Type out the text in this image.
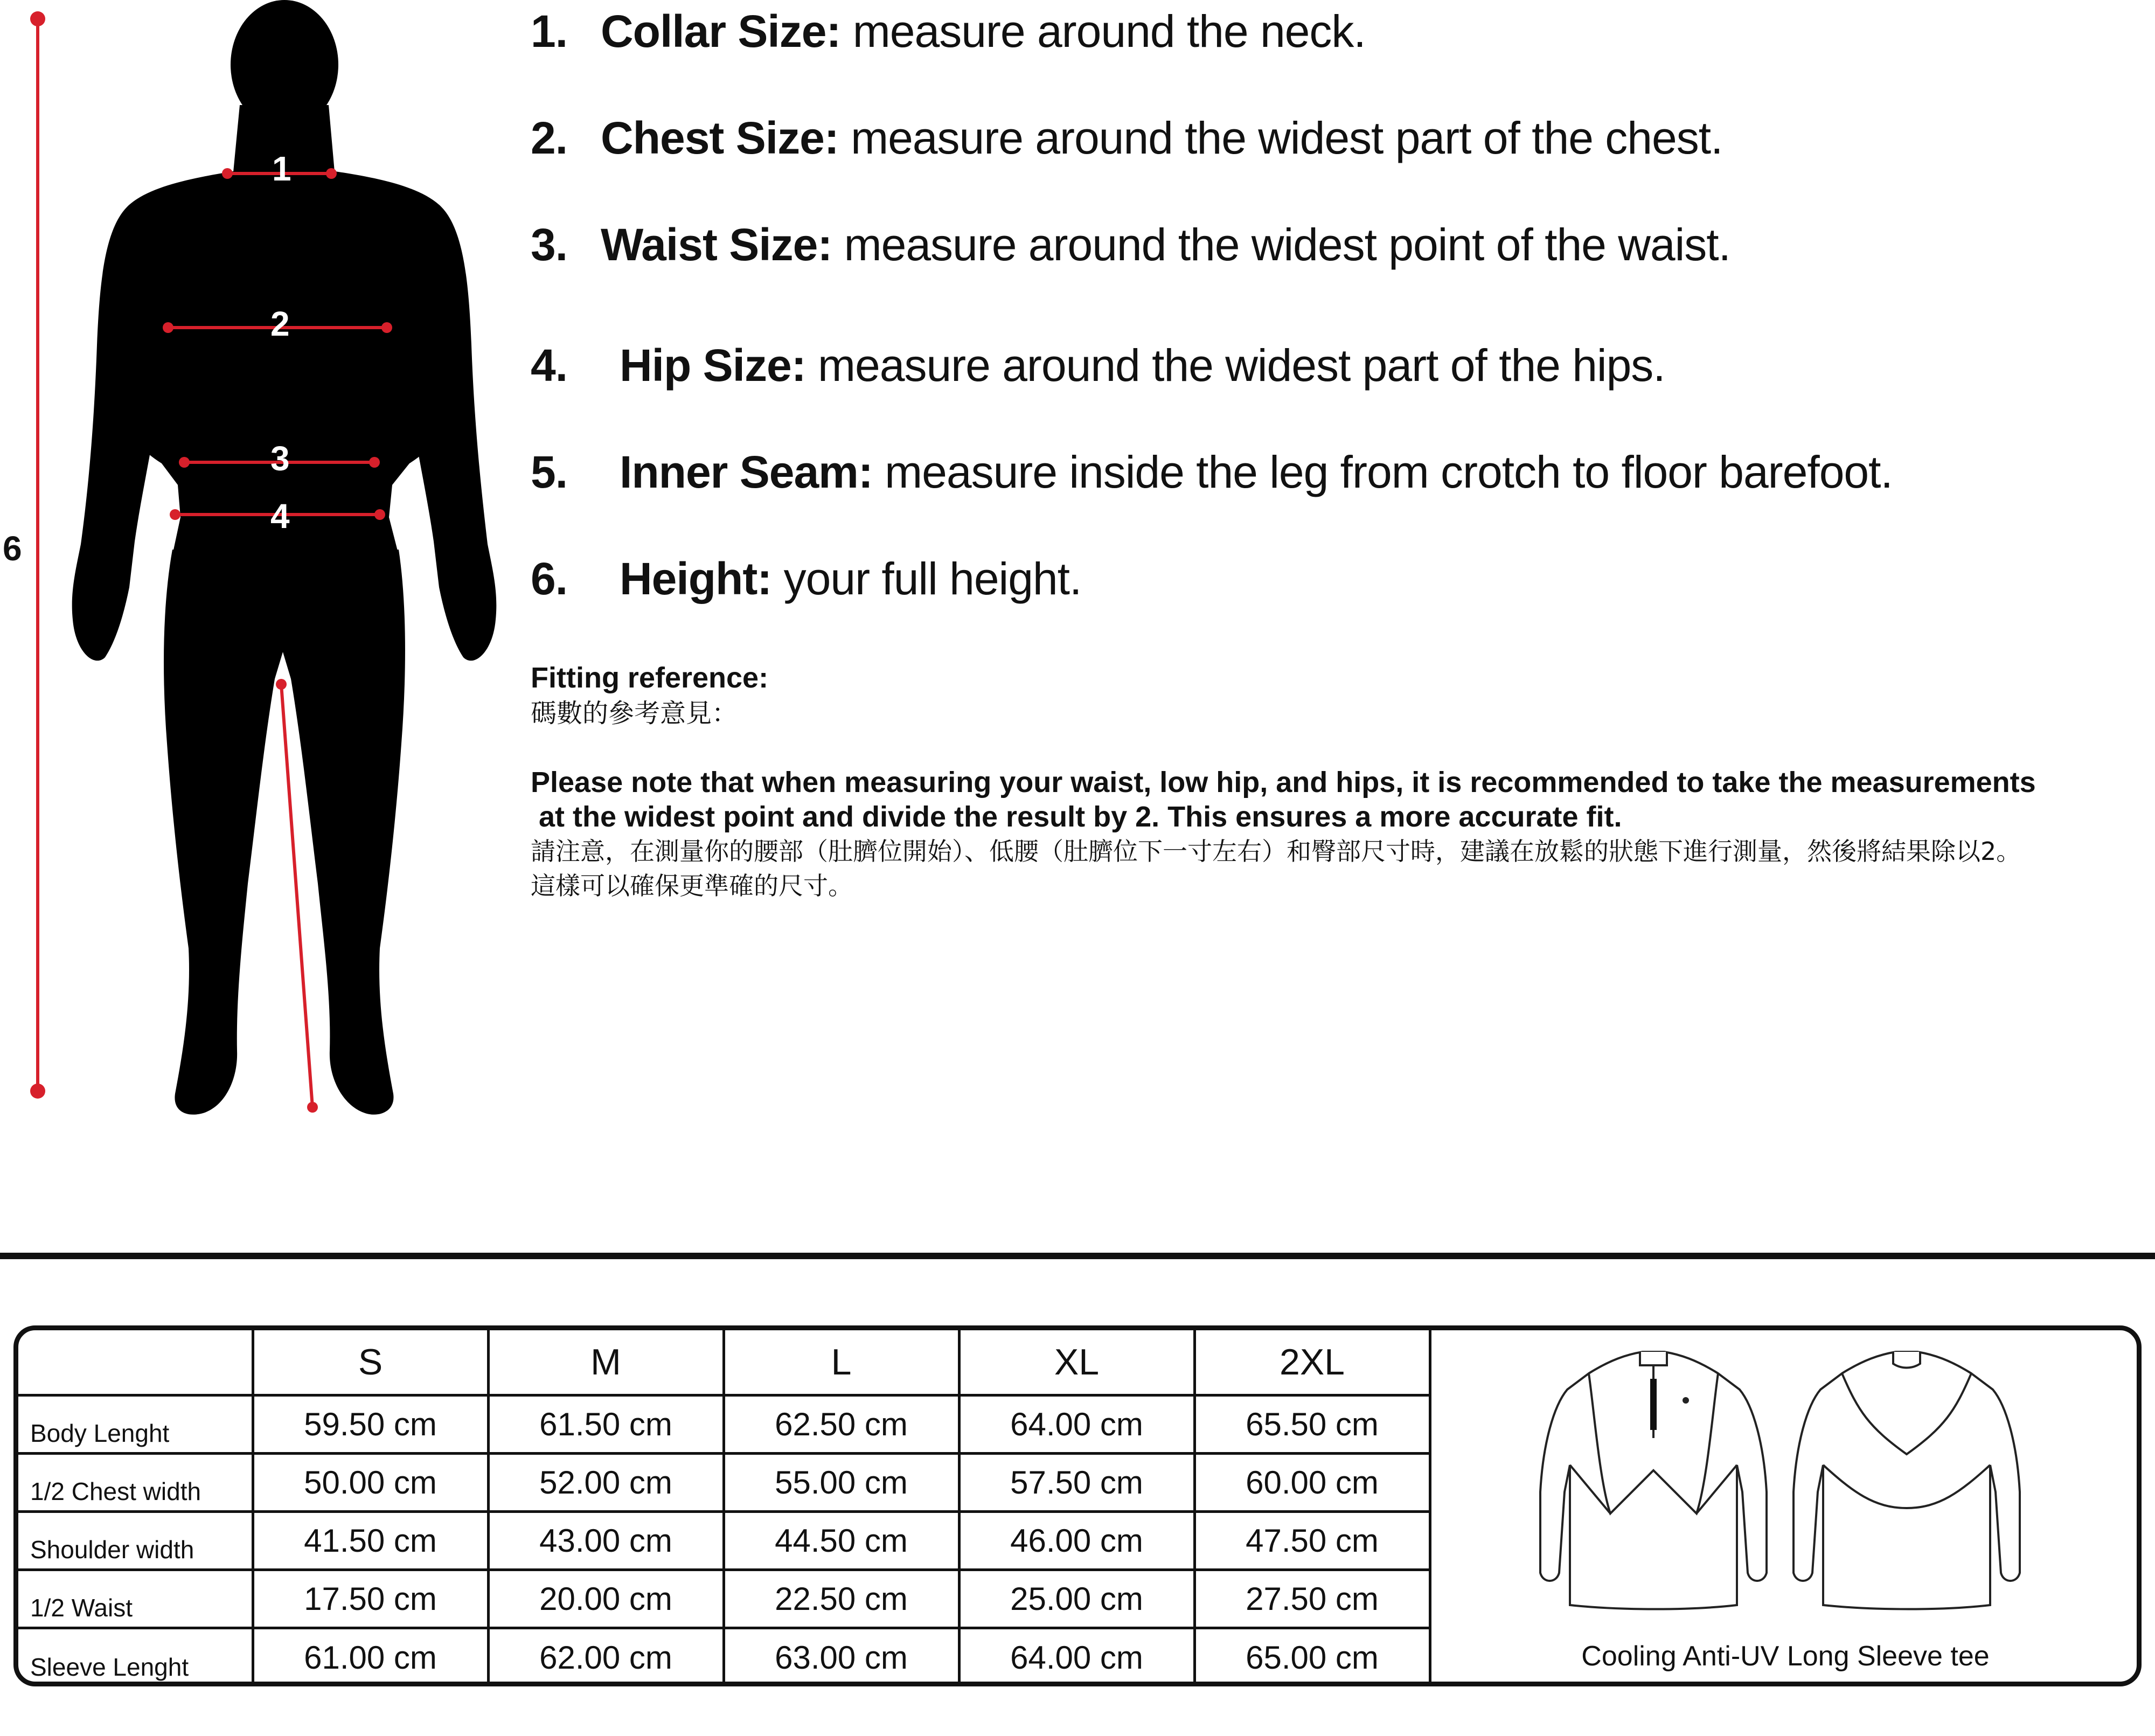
1
2
3
4
5
6
1. Collar Size: measure around the neck.
2. Chest Size: measure around the widest part of the chest.
3. Waist Size: measure around the widest point of the waist.
4. Hip Size: measure around the widest part of the hips.
5. Inner Seam: measure inside the leg from crotch to floor barefoot.
6. Height: your full height.
Fitting reference:
碼數的參考意見：
Please note that when measuring your waist, low hip, and hips, it is recommended to take the measurements
at the widest point and divide the result by 2. This ensures a more accurate fit.
請注意，在測量你的腰部（肚臍位開始）、低腰（肚臍位下一寸左右）和臀部尺寸時，建議在放鬆的狀態下進行測量，然後將結果除以2。
這樣可以確保更準確的尺寸。
	S	M	L	XL	2XL
Body Lenght	59.50 cm	61.50 cm	62.50 cm	64.00 cm	65.50 cm
1/2 Chest width	50.00 cm	52.00 cm	55.00 cm	57.50 cm	60.00 cm
Shoulder width	41.50 cm	43.00 cm	44.50 cm	46.00 cm	47.50 cm
1/2 Waist	17.50 cm	20.00 cm	22.50 cm	25.00 cm	27.50 cm
Sleeve Lenght	61.00 cm	62.00 cm	63.00 cm	64.00 cm	65.00 cm	Cooling Anti-UV Long Sleeve tee
